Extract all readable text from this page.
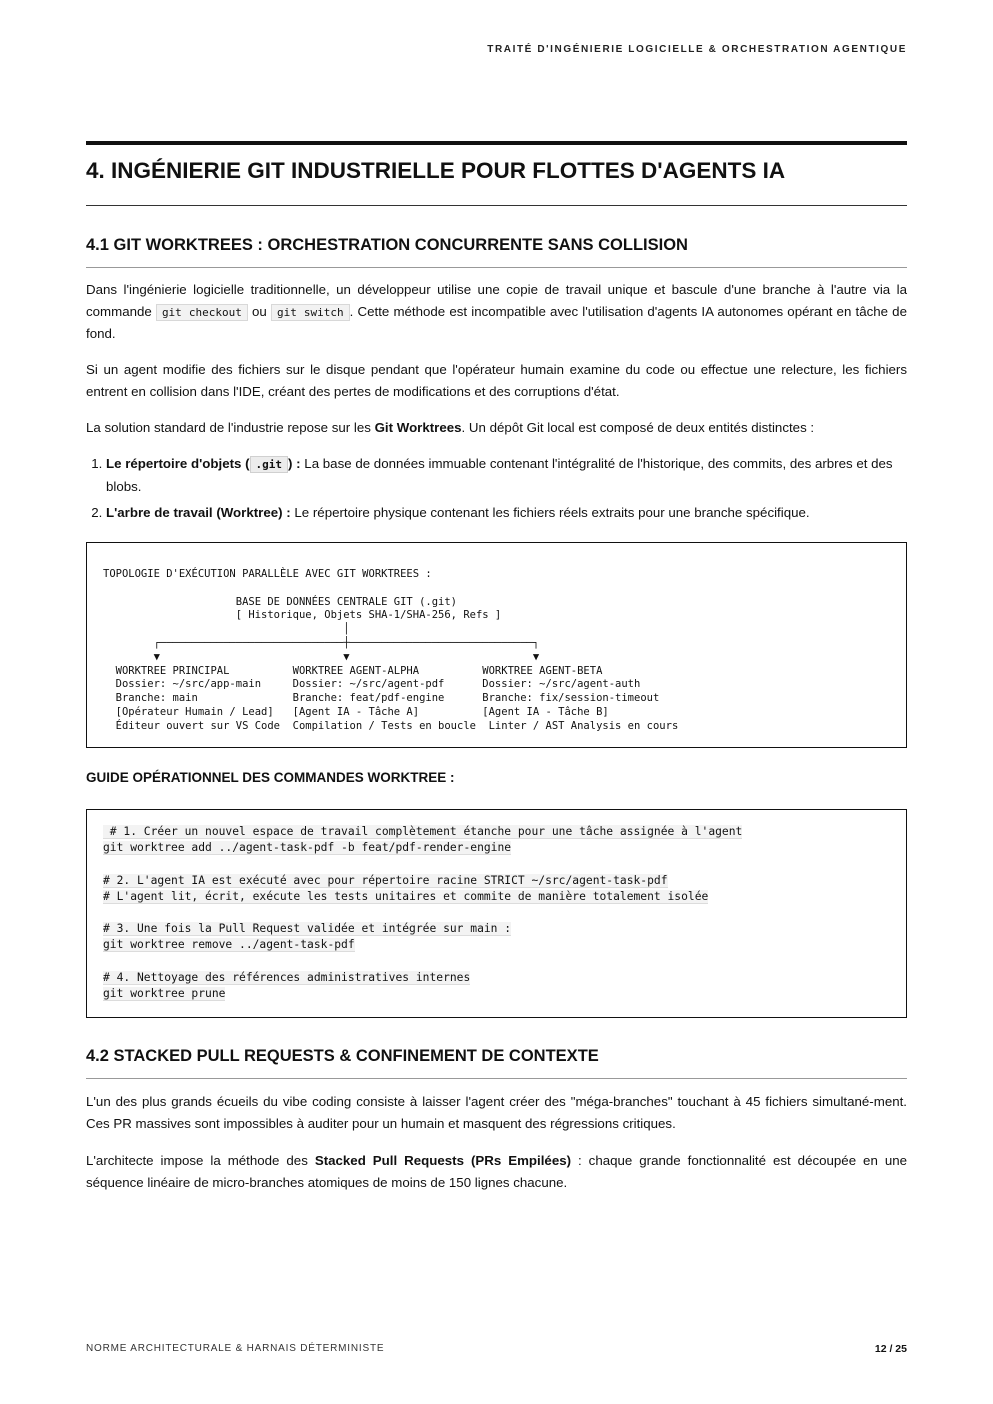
TRAITÉ D'INGÉNIERIE LOGICIELLE & ORCHESTRATION AGENTIQUE
4. INGÉNIERIE GIT INDUSTRIELLE POUR FLOTTES D'AGENTS IA
4.1 GIT WORKTREES : ORCHESTRATION CONCURRENTE SANS COLLISION

Dans l'ingénierie logicielle traditionnelle, un développeur utilise une copie de travail unique et bascule d'une branche à l'autre via la commande git checkout ou git switch . Cette méthode est incompatible avec l'utilisation d'agents IA autonomes opérant en tâche de fond.

Si un agent modifie des fichiers sur le disque pendant que l'opérateur humain examine du code ou effectue une relecture, les fichiers entrent en collision dans l'IDE, créant des pertes de modifications et des corruptions d'état.

La solution standard de l'industrie repose sur les Git Worktrees. Un dépôt Git local est composé de deux entités distinctes :

1. Le répertoire d'objets ( .git ) : La base de données immuable contenant l'intégralité de l'historique, des commits, des arbres et des blobs.
2. L'arbre de travail (Worktree) : Le répertoire physique contenant les fichiers réels extraits pour une branche spécifique.
TOPOLOGIE D'EXÉCUTION PARALLÈLE AVEC GIT WORKTREES :

BASE DE DONNÉES CENTRALE GIT (.git)
[ Historique, Objets SHA-1/SHA-256, Refs ]
│
┌─────────────────────────────┼─────────────────────────────┐
▼                             ▼                             ▼
WORKTREE PRINCIPAL          WORKTREE AGENT-ALPHA          WORKTREE AGENT-BETA
Dossier: ~/src/app-main     Dossier: ~/src/agent-pdf      Dossier: ~/src/agent-auth
Branche: main               Branche: feat/pdf-engine      Branche: fix/session-timeout
[Opérateur Humain / Lead]   [Agent IA - Tâche A]          [Agent IA - Tâche B]
Éditeur ouvert sur VS Code  Compilation / Tests en boucle  Linter / AST Analysis en cours
GUIDE OPÉRATIONNEL DES COMMANDES WORKTREE :
# 1. Créer un nouvel espace de travail complètement étanche pour une tâche assignée à l'agent
git worktree add ../agent-task-pdf -b feat/pdf-render-engine
# 2. L'agent IA est exécuté avec pour répertoire racine STRICT ~/src/agent-task-pdf
# L'agent lit, écrit, exécute les tests unitaires et commite de manière totalement isolée
# 3. Une fois la Pull Request validée et intégrée sur main :
git worktree remove ../agent-task-pdf
# 4. Nettoyage des références administratives internes
git worktree prune
4.2 STACKED PULL REQUESTS & CONFINEMENT DE CONTEXTE

L'un des plus grands écueils du vibe coding consiste à laisser l'agent créer des "méga-branches" touchant à 45 fichiers simultané-ment. Ces PR massives sont impossibles à auditer pour un humain et masquent des régressions critiques.

L'architecte impose la méthode des Stacked Pull Requests (PRs Empilées) : chaque grande fonctionnalité est découpée en une séquence linéaire de micro-branches atomiques de moins de 150 lignes chacune.

NORME ARCHITECTURALE & HARNAIS DÉTERMINISTE	12 / 25
